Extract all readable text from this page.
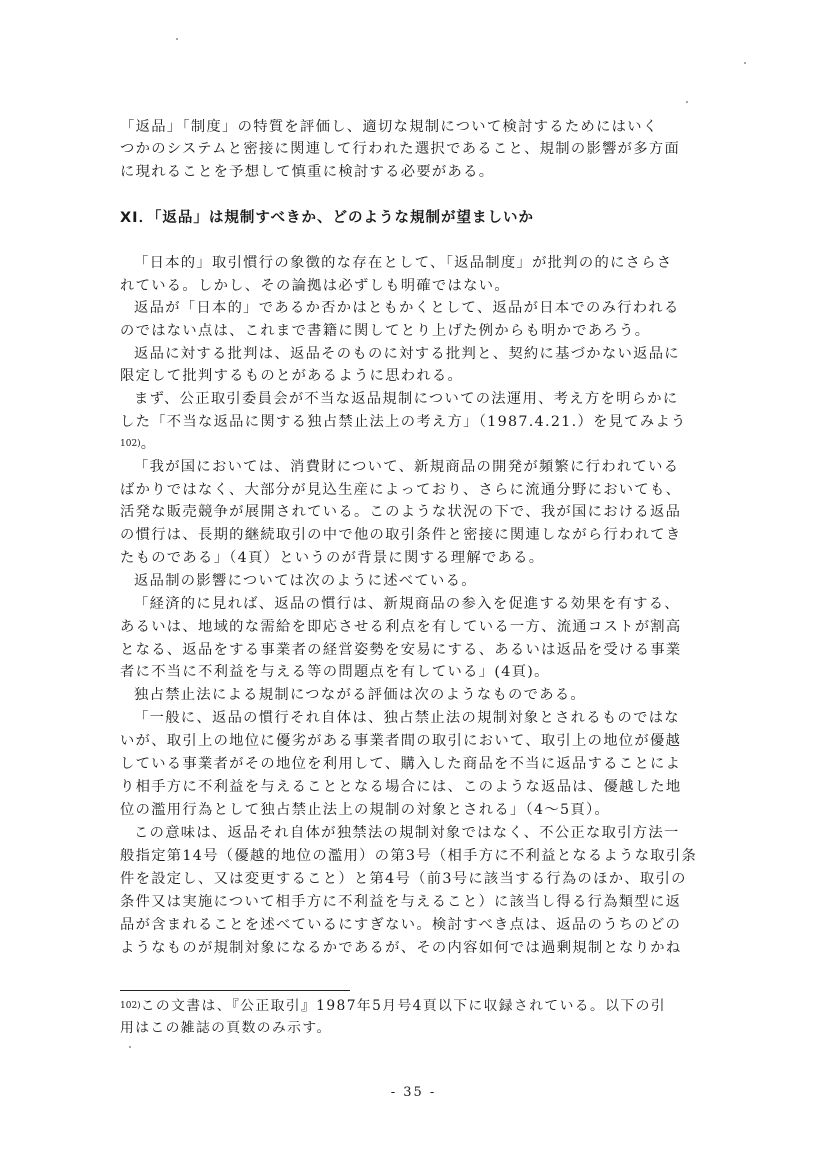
「返品」「制度」の特質を評価し、適切な規制について検討するためにはいく
つかのシステムと密接に関連して行われた選択であること、規制の影響が多方面
に現れることを予想して慎重に検討する必要がある。
XI．「返品」は規制すべきか、どのような規制が望ましいか
「日本的」取引慣行の象徴的な存在として、「返品制度」が批判の的にさらさ
れている。しかし、その論拠は必ずしも明確ではない。
返品が「日本的」であるか否かはともかくとして、返品が日本でのみ行われる
のではない点は、これまで書籍に関してとり上げた例からも明かであろう。
返品に対する批判は、返品そのものに対する批判と、契約に基づかない返品に
限定して批判するものとがあるように思われる。
まず、公正取引委員会が不当な返品規制についての法運用、考え方を明らかに
した「不当な返品に関する独占禁止法上の考え方」（1987.4.21.）を見てみよう
$^{102)}$。
「我が国においては、消費財について、新規商品の開発が頻繁に行われている
ばかりではなく、大部分が見込生産によっており、さらに流通分野においても、
活発な販売競争が展開されている。このような状況の下で、我が国における返品
の慣行は、長期的継続取引の中で他の取引条件と密接に関連しながら行われてき
たものである」（4頁）というのが背景に関する理解である。
返品制の影響については次のように述べている。
「経済的に見れば、返品の慣行は、新規商品の参入を促進する効果を有する、
あるいは、地域的な需給を即応させる利点を有している一方、流通コストが割高
となる、返品をする事業者の経営姿勢を安易にする、あるいは返品を受ける事業
者に不当に不利益を与える等の問題点を有している」(4頁)。
独占禁止法による規制につながる評価は次のようなものである。
「一般に、返品の慣行それ自体は、独占禁止法の規制対象とされるものではな
いが、取引上の地位に優劣がある事業者間の取引において、取引上の地位が優越
している事業者がその地位を利用して、購入した商品を不当に返品することによ
り相手方に不利益を与えることとなる場合には、このような返品は、優越した地
位の濫用行為として独占禁止法上の規制の対象とされる」（4～5頁）。
この意味は、返品それ自体が独禁法の規制対象ではなく、不公正な取引方法一
般指定第14号（優越的地位の濫用）の第3号（相手方に不利益となるような取引条
件を設定し、又は変更すること）と第4号（前3号に該当する行為のほか、取引の
条件又は実施について相手方に不利益を与えること）に該当し得る行為類型に返
品が含まれることを述べているにすぎない。検討すべき点は、返品のうちのどの
ようなものが規制対象になるかであるが、その内容如何では過剰規制となりかね
$^{102)}$この文書は、『公正取引』1987年5月号4頁以下に収録されている。以下の引
用はこの雑誌の頁数のみ示す。
- 35 -
